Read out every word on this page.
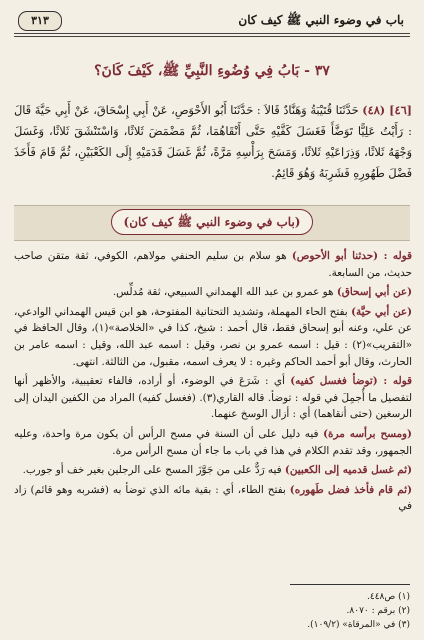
باب في وضوء النبي ﷺ كيف كان
٣١٣
٣٧ - بَابُ فِي وُضُوءِ النَّبِيِّ ﷺ، كَيْفَ كَانَ؟
[٤٦] (٤٨) حَدَّثَنَا قُتَيْبَةُ وَهَنَّادٌ قَالاَ : حَدَّثَنَا أَبُو الأَحْوَصِ، عَنْ أَبِي إِسْحَاقَ، عَنْ أَبِي حَيَّةَ قَالَ : رَأَيْتُ عَلِيًّا تَوَضَّأَ فَغَسَلَ كَفَّيْهِ حَتَّى أَنْقَاهُمَا، ثُمَّ مَضْمَضَ ثَلاثًا، وَاسْتَنْشَقَ ثَلاثًا، وَغَسَلَ وَجْهَهُ ثَلاثًا، وَذِرَاعَيْهِ ثَلاثًا، وَمَسَحَ بِرَأْسِهِ مَرَّةً، ثُمَّ غَسَلَ قَدَمَيْهِ إِلَى الكَعْبَيْنِ، ثُمَّ قَامَ فَأَخَذَ فَضْلَ طَهُورِهِ فَشَرِبَهُ وَهُوَ قَائِمٌ.
(باب في وضوء النبي ﷺ كيف كان)

قوله : (حدثنا أبو الأحوص) هو سلام بن سليم الحنفي مولاهم، الكوفي، ثقة متقن صاحب حديث، من السابعة.

(عن أبي إسحاق) هو عمرو بن عبد الله الهمداني السبيعي، ثقة مُدلِّس.

(عن أبي حيَّة) بفتح الحاء المهملة، وتشديد التحتانية المفتوحة، هو ابن قيس الهمداني الوادعي، عن علي، وعنه أبو إسحاق فقط، قال أحمد : شيخ، كذا في «الخلاصة»(١)، وقال الحافظ في «التقريب»(٢) : قيل : اسمه عمرو بن نصر، وقيل : اسمه عبد الله، وقيل : اسمه عامر بن الحارث، وقال أبو أحمد الحاكم وغيره : لا يعرف اسمه، مقبول، من الثالثة. انتهى.

قوله : (توضأ فغسل كفيه) أي : شَرَعَ في الوضوء، أو أراده، فالفاء تعقيبية، والأظهر أنها لتفصيل ما أُجمِلَ في قوله : توضأ. قاله القاري(٣). (فغسل كفيه) المراد من الكفين اليدان إلى الرسغين (حتى أنقاهما) أي : أزال الوسخ عنهما.

(ومسح برأسه مرة) فيه دليل على أن السنة في مسح الرأس أن يكون مرة واحدة، وعليه الجمهور، وقد تقدم الكلام في هذا في باب ما جاء أن مسح الرأس مرة.

(ثم غسل قدميه إلى الكعبين) فيه رَدٌّ على من جَوَّزَ المسح على الرجلين بغير خف أو جورب.

(ثم قام فأخذ فضل طَهوره) بفتح الطاء، أي : بقية مائه الذي توضأ به (فشربه وهو قائم) زاد في

(١) ص٤٤٨.
(٢) برقم : ٨٠٧٠.
(٣) في «المرقاة» (١٠٩/٢).
